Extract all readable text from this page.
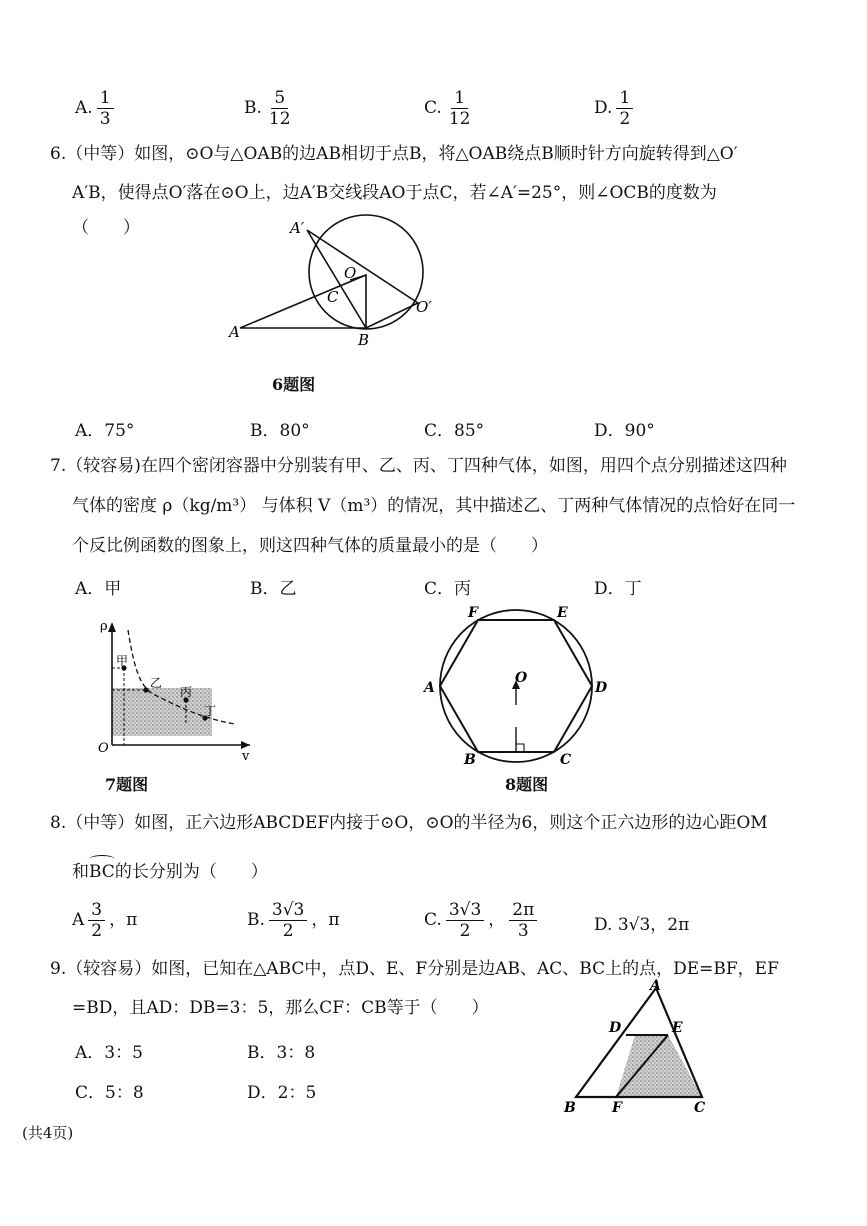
A. $\frac{1}{3}$	B. $\frac{5}{12}$	C. $\frac{1}{12}$	D. $\frac{1}{2}$
6.（中等）如图，⊙O与△OAB的边AB相切于点B，将△OAB绕点B顺时针方向旋转得到△O′
A′B，使得点O′落在⊙O上，边A′B交线段AO于点C，若∠A′=25°，则∠OCB的度数为
（　　）	A′
O
C
O′
A	B
6题图
A．75°	B．80°	C．85°	D．90°
7.（较容易)在四个密闭容器中分别装有甲、乙、丙、丁四种气体，如图，用四个点分别描述这四种
气体的密度 ρ（kg/m³） 与体积 V（m³）的情况，其中描述乙、丁两种气体情况的点恰好在同一
个反比例函数的图象上，则这四种气体的质量最小的是（　　）
A．甲	B．乙	C．丙	D．丁
ρ
v
O
甲
乙
丙
丁
7题图
F	E
A	D
O
B	C
8题图
8.（中等）如图，正六边形ABCDEF内接于⊙O，⊙O的半径为6，则这个正六边形的边心距OM
和
BC的长分别为（　　）
A $\frac{3}{2}$ ，π	B. $\frac{3√3}{2}$ ，π	C. $\frac{3√3}{2}$ ， $\frac{2\pi}{3}$	D. 3√3，2π
9.（较容易）如图，已知在△ABC中，点D、E、F分别是边AB、AC、BC上的点，DE=BF，EF
=BD，且AD：DB=3：5，那么CF：CB等于（　　）
A．3：5	B．3：8
C．5：8	D．2：5
A
D	E
B	F	C
(共4页)
